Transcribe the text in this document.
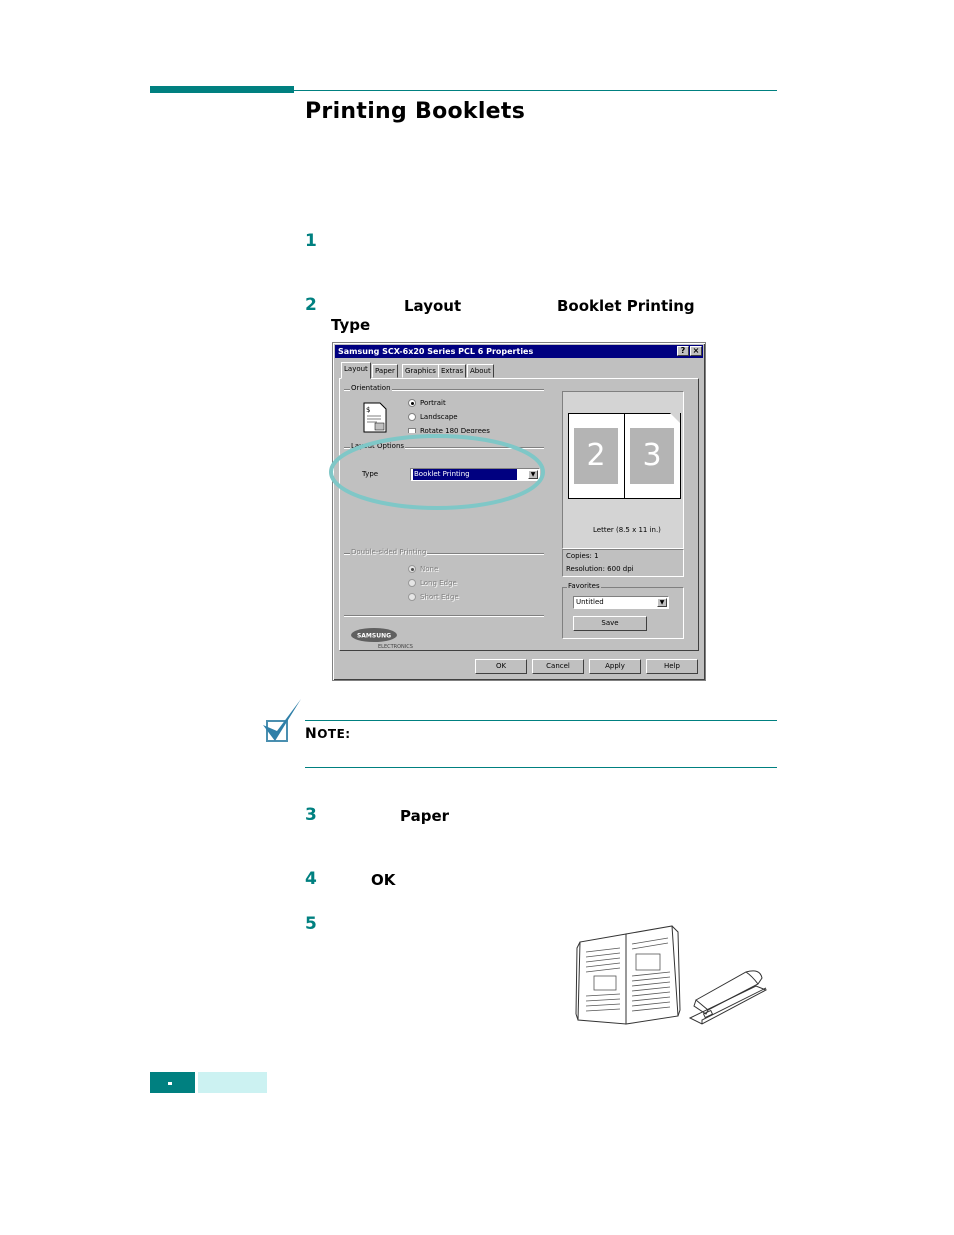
Printing Booklets
1
2	Layout	Booklet Printing
Type
Samsung SCX-6x20 Series PCL 6 Properties	? ×
Layout	Paper	Graphics Extras About
Orientation
$
Portrait
Landscape
Rotate 180 Degrees
Layout Options
Type	Booklet Printing	▼
Double-sided Printing
None
Long Edge
Short Edge
SAMSUNG
ELECTRONICS
2	3
Letter (8.5 x 11 in.)
Copies: 1
Resolution: 600 dpi
Favorites
Untitled	▼
Save
OK	Cancel	Apply	Help
NOTE:
3	Paper
4	OK
5
